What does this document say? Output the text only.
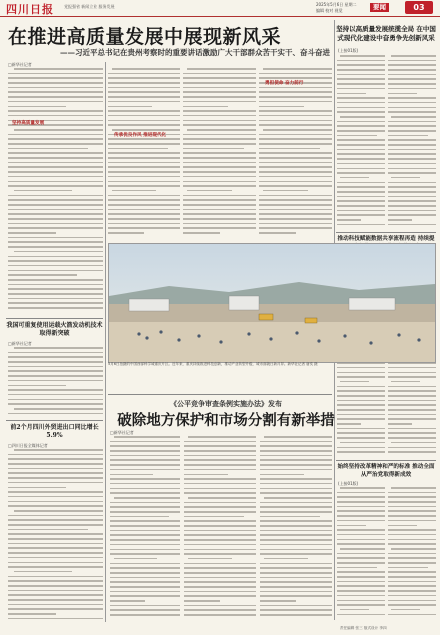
四川日报	党报强省 新闻立业 服务发展	2025年5月6日 星期二
编辑 校对 视觉	要闻	03
在推进高质量发展中展现新风采
——习近平总书记在贵州考察时的重要讲话激励广大干部群众苦干实干、奋斗奋进
□新华社记者
坚持以高质量发展统揽全局 在中国式现代化建设中奋勇争先创新风采
(上接01版)
坚持高质量发展
传承优良作风 推进现代化
勇担使命 奋力前行
推动科技赋能数据共享流程再造 持续提
始终坚持改革精神和严的标准 推动全面从严治党取得新成效
(上接01版)
我国可重复使用运载火箭发动机技术取得新突破
□新华社记者
前2个月四川外贸进出口同比增长5.9%
□四川日报全媒体记者
5月6日拍摄的中国西部科学城重庆片区。近年来，重庆持续推进科技创新，推动产业转型升级，城市面貌日新月异。新华社记者 唐奕 摄
《公平竞争审查条例实施办法》发布
破除地方保护和市场分割有新举措
□新华社记者
责任编辑 张三 版式设计 李四
